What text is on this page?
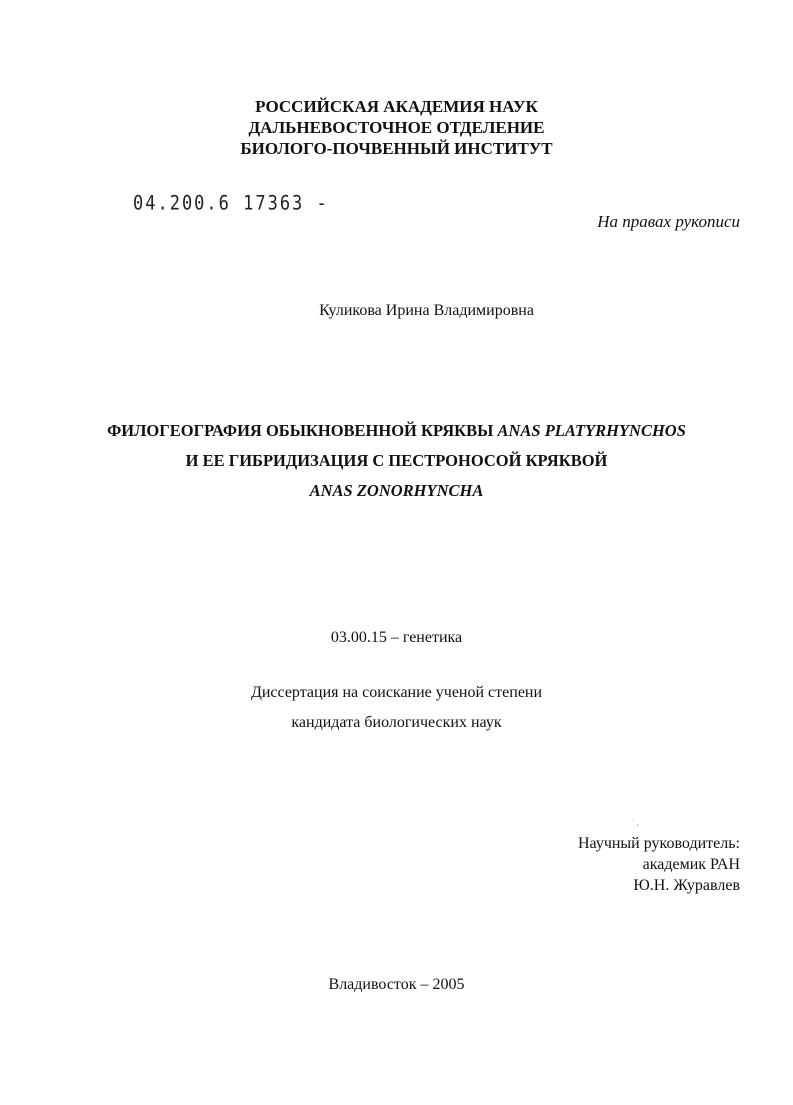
РОССИЙСКАЯ АКАДЕМИЯ НАУК
ДАЛЬНЕВОСТОЧНОЕ ОТДЕЛЕНИЕ
БИОЛОГО-ПОЧВЕННЫЙ ИНСТИТУТ
04.200.6 17363 -
На правах рукописи
Куликова Ирина Владимировна
ФИЛОГЕОГРАФИЯ ОБЫКНОВЕННОЙ КРЯКВЫ ANAS PLATYRHYNCHOS
И ЕЕ ГИБРИДИЗАЦИЯ С ПЕСТРОНОСОЙ КРЯКВОЙ
ANAS ZONORHYNCHA
03.00.15 – генетика
Диссертация на соискание ученой степени
кандидата биологических наук
` ,
Научный руководитель:
академик РАН
Ю.Н. Журавлев
Владивосток – 2005
